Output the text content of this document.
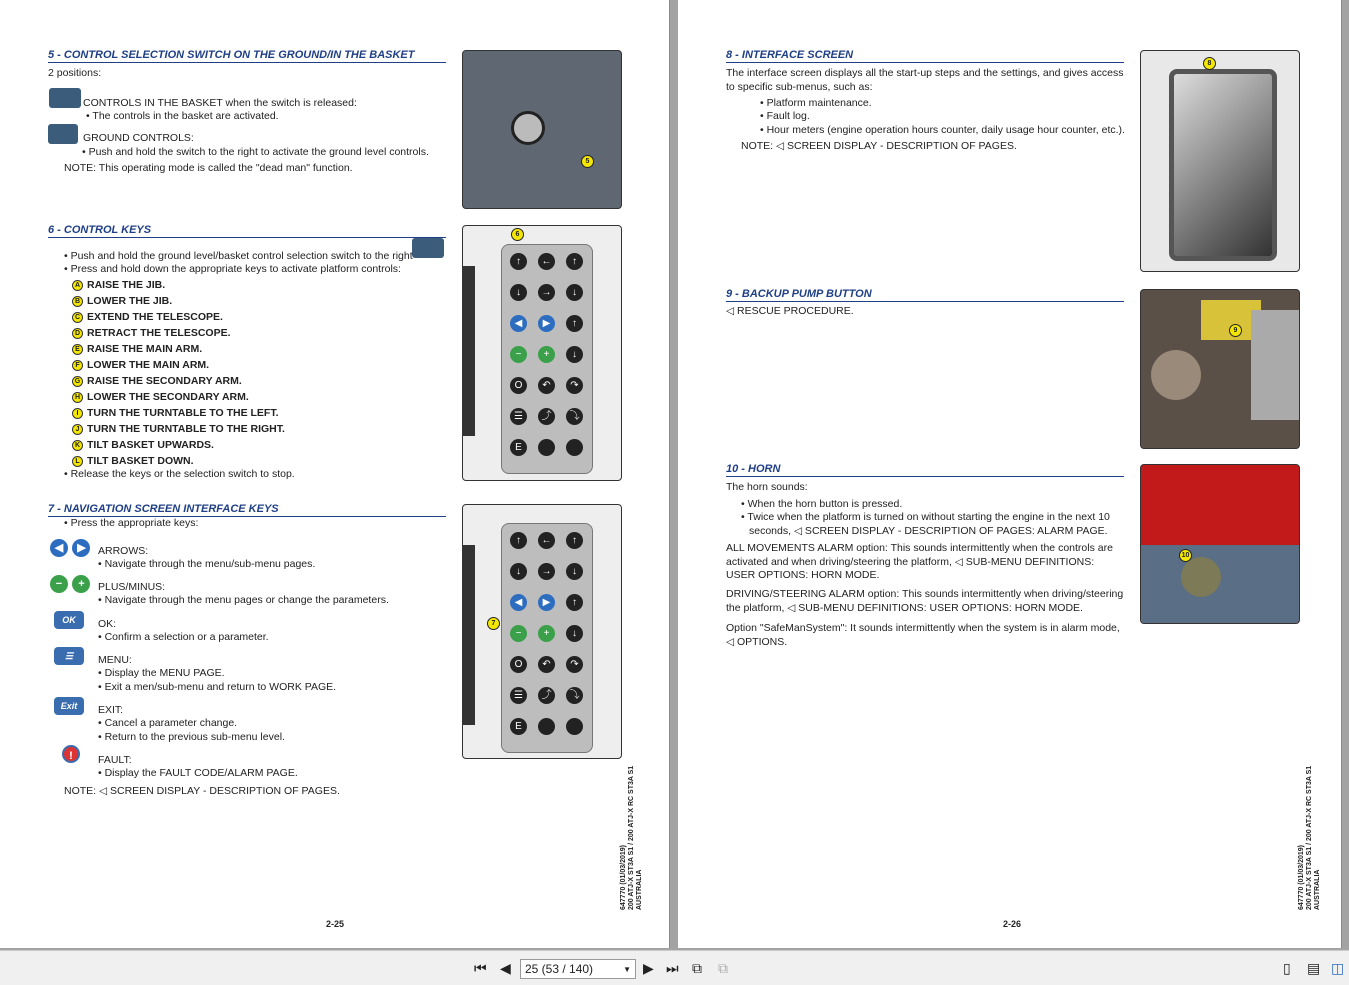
5 - CONTROL SELECTION SWITCH ON THE GROUND/IN THE BASKET
2 positions:
CONTROLS IN THE BASKET when the switch is released:
• The controls in the basket are activated.
GROUND CONTROLS:
• Push and hold the switch to the right to activate the ground level controls.
NOTE: This operating mode is called the "dead man" function.
5
6 - CONTROL KEYS
• Push and hold the ground level/basket control selection switch to the right
• Press and hold down the appropriate keys to activate platform controls:
A RAISE THE JIB.
B LOWER THE JIB.
C EXTEND THE TELESCOPE.
D RETRACT THE TELESCOPE.
E RAISE THE MAIN ARM.
F LOWER THE MAIN ARM.
G RAISE THE SECONDARY ARM.
H LOWER THE SECONDARY ARM.
I TURN THE TURNTABLE TO THE LEFT.
J TURN THE TURNTABLE TO THE RIGHT.
K TILT BASKET UPWARDS.
L TILT BASKET DOWN.
• Release the keys or the selection switch to stop.
↑	←	↑
↓	→	↓
◀	▶	↑
−	+	↓
O	↶	↷
☰	⤴	⤵
E
6
7 - NAVIGATION SCREEN INTERFACE KEYS
• Press the appropriate keys:
◀ ▶	ARROWS:
• Navigate through the menu/sub-menu pages.
− +	PLUS/MINUS:
• Navigate through the menu pages or change the parameters.
OK	OK:
• Confirm a selection or a parameter.
☰	MENU:
• Display the MENU PAGE.
• Exit a men/sub-menu and return to WORK PAGE.
Exit	EXIT:
• Cancel a parameter change.
• Return to the previous sub-menu level.
!	FAULT:
• Display the FAULT CODE/ALARM PAGE.
NOTE: ◁ SCREEN DISPLAY - DESCRIPTION OF PAGES.
↑	←	↑
↓	→	↓
◀	▶	↑
−	+	↓
O	↶	↷
☰	⤴	⤵
E
7
647770 (01/03/2019) 200 ATJ-X ST3A S1 / 200 ATJ-X RC ST3A S1 AUSTRALIA
2-25
8 - INTERFACE SCREEN
The interface screen displays all the start-up steps and the settings, and gives access to specific sub-menus, such as:
• Platform maintenance.
• Fault log.
• Hour meters (engine operation hours counter, daily usage hour counter, etc.).
NOTE: ◁ SCREEN DISPLAY - DESCRIPTION OF PAGES.
8
9 - BACKUP PUMP BUTTON
◁ RESCUE PROCEDURE.
9
10 - HORN
The horn sounds:
• When the horn button is pressed.
• Twice when the platform is turned on without starting the engine in the next 10 seconds, ◁ SCREEN DISPLAY - DESCRIPTION OF PAGES: ALARM PAGE.
ALL MOVEMENTS ALARM option: This sounds intermittently when the controls are activated and when driving/steering the platform, ◁ SUB-MENU DEFINITIONS: USER OPTIONS: HORN MODE.
DRIVING/STEERING ALARM option: This sounds intermittently when driving/steering the platform, ◁ SUB-MENU DEFINITIONS: USER OPTIONS: HORN MODE.
Option "SafeManSystem": It sounds intermittently when the system is in alarm mode, ◁ OPTIONS.
10
647770 (01/03/2019) 200 ATJ-X ST3A S1 / 200 ATJ-X RC ST3A S1 AUSTRALIA
2-26
⏮ ◀	25 (53 / 140)	▼ ▶ ⏭ ⧉ ⧉	▯ ▤ ◫
